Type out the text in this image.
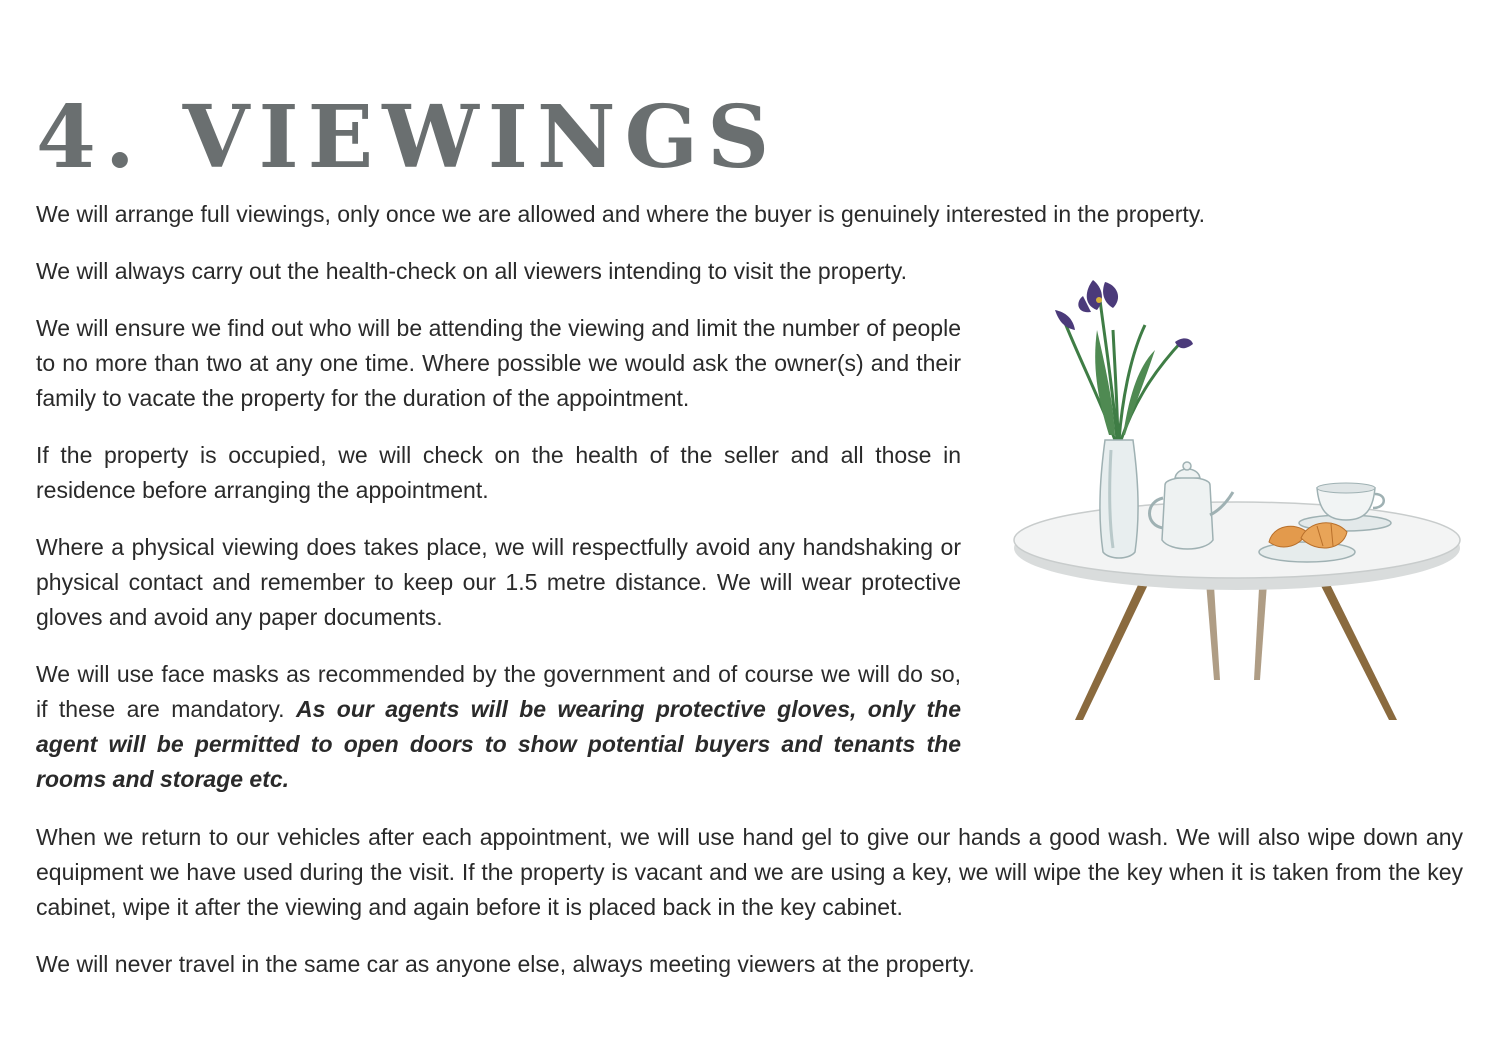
4. VIEWINGS

We will arrange full viewings, only once we are allowed and where the buyer is genuinely interested in the property.

We will always carry out the health-check on all viewers intending to visit the property.

We will ensure we find out who will be attending the viewing and limit the number of people to no more than two at any one time. Where possible we would ask the owner(s) and their family to vacate the property for the duration of the appointment.

If the property is occupied, we will check on the health of the seller and all those in residence before arranging the appointment.

Where a physical viewing does takes place, we will respectfully avoid any handshaking or physical contact and remember to keep our 1.5 metre distance. We will wear protective gloves and avoid any paper documents.

We will use face masks as recommended by the government and of course we will do so, if these are mandatory. As our agents will be wearing protective gloves, only the agent will be permitted to open doors to show potential buyers and tenants the rooms and storage etc.

When we return to our vehicles after each appointment, we will use hand gel to give our hands a good wash. We will also wipe down any equipment we have used during the visit. If the property is vacant and we are using a key, we will wipe the key when it is taken from the key cabinet, wipe it after the viewing and again before it is placed back in the key cabinet.

We will never travel in the same car as anyone else, always meeting viewers at the property.
